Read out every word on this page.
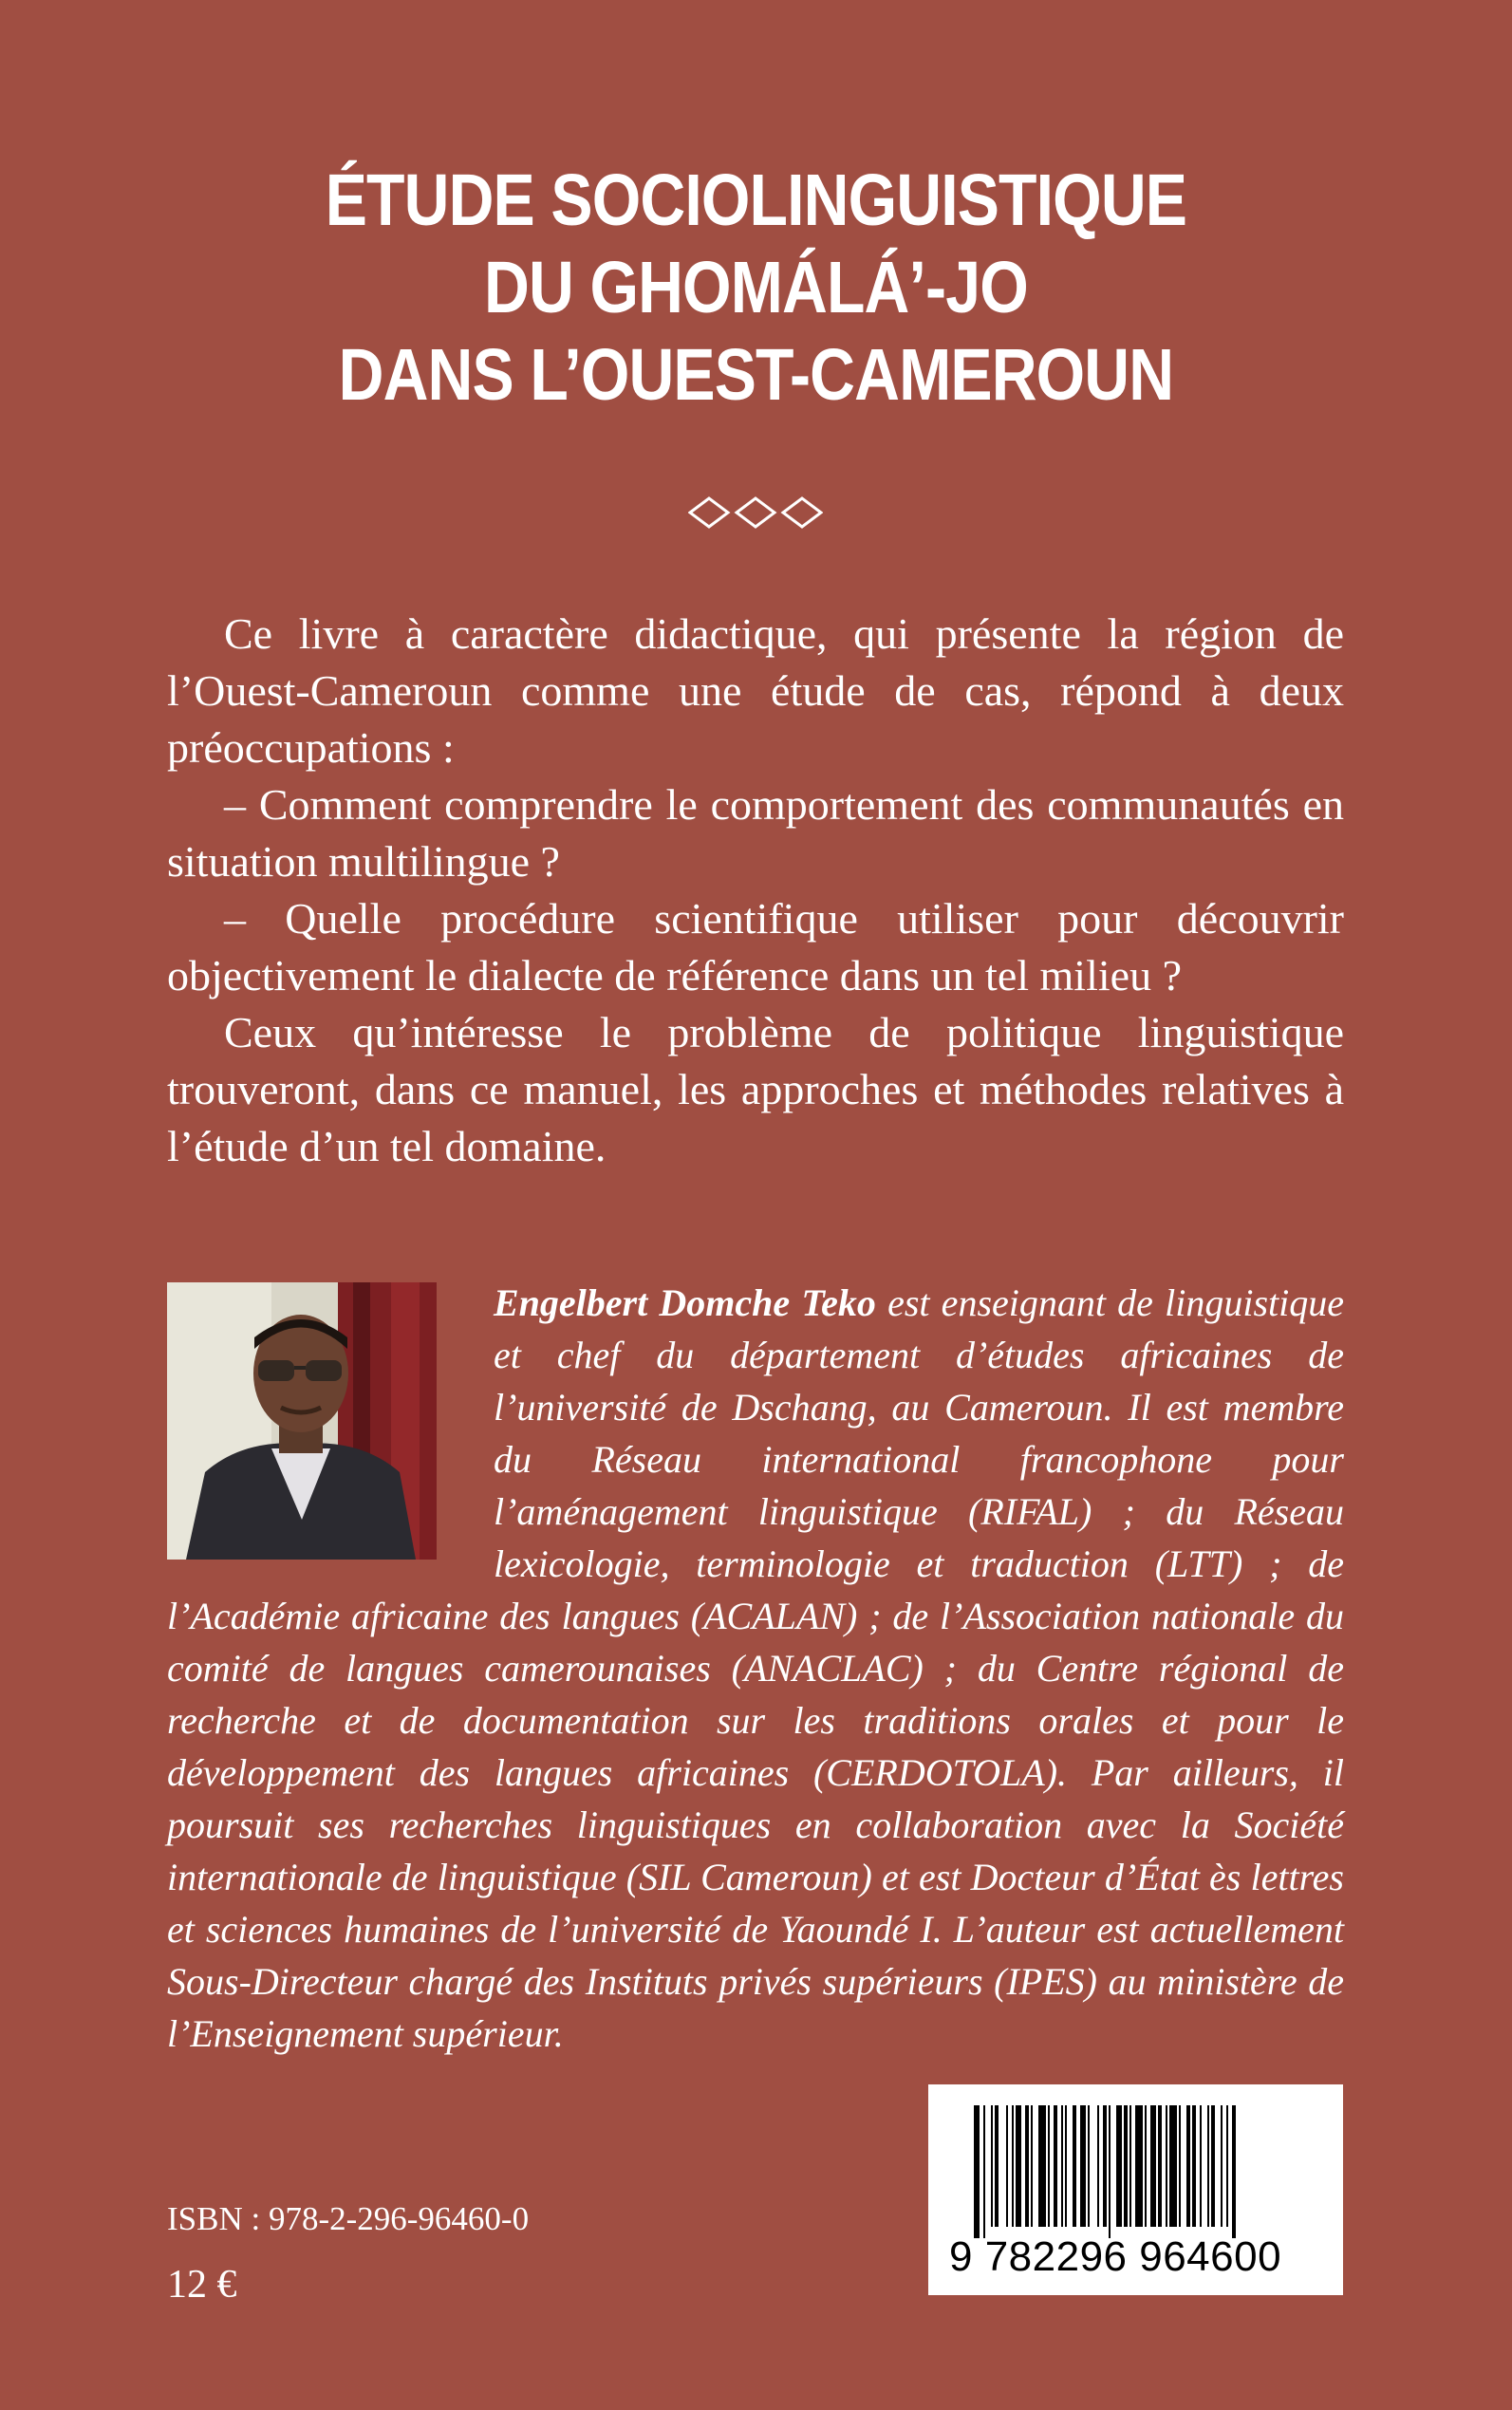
ÉTUDE SOCIOLINGUISTIQUE
DU GHOMÁLÁ’-JO
DANS L’OUEST-CAMEROUN

Ce livre à caractère didactique, qui présente la région de l’Ouest-Cameroun comme une étude de cas, répond à deux préoccupations :

– Comment comprendre le comportement des communautés en situation multilingue ?

– Quelle procédure scientifique utiliser pour découvrir objectivement le dialecte de référence dans un tel milieu ?

Ceux qu’intéresse le problème de politique linguistique trouveront, dans ce manuel, les approches et méthodes relatives à l’étude d’un tel domaine.

Engelbert Domche Teko est enseignant de linguistique et chef du département d’études africaines de l’université de Dschang, au Cameroun. Il est membre du Réseau international francophone pour l’aménagement linguistique (RIFAL) ; du Réseau lexicologie, terminologie et traduction (LTT) ; de l’Académie africaine des langues (ACALAN) ; de l’Association nationale du comité de langues camerounaises (ANACLAC) ; du Centre régional de recherche et de documentation sur les traditions orales et pour le développement des langues africaines (CERDOTOLA). Par ailleurs, il poursuit ses recherches linguistiques en collaboration avec la Société internationale de linguistique (SIL Cameroun) et est Docteur d’État ès lettres et sciences humaines de l’université de Yaoundé I. L’auteur est actuellement Sous-Directeur chargé des Instituts privés supérieurs (IPES) au ministère de l’Enseignement supérieur.
ISBN : 978-2-296-96460-0
12 €
9 782296 964600
